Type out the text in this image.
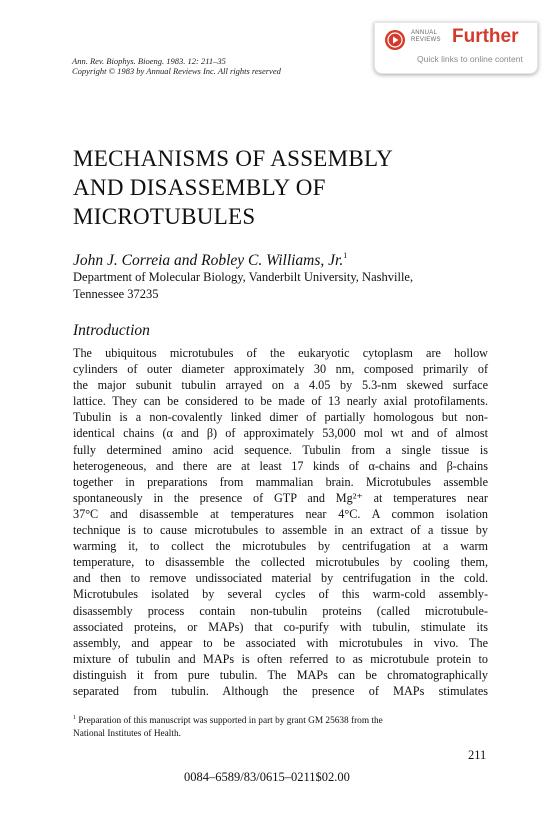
ANNUAL
REVIEWS Further
Quick links to online content
Ann. Rev. Biophys. Bioeng. 1983. 12: 211–35
Copyright © 1983 by Annual Reviews Inc. All rights reserved
MECHANISMS OF ASSEMBLY
AND DISASSEMBLY OF
MICROTUBULES
John J. Correia and Robley C. Williams, Jr.$^1$
Department of Molecular Biology, Vanderbilt University, Nashville,
Tennessee 37235
Introduction
The ubiquitous microtubules of the eukaryotic cytoplasm are hollow
cylinders of outer diameter approximately 30 nm, composed primarily of
the major subunit tubulin arrayed on a 4.05 by 5.3-nm skewed surface
lattice. They can be considered to be made of 13 nearly axial protofilaments.
Tubulin is a non-covalently linked dimer of partially homologous but non-
identical chains (α and β) of approximately 53,000 mol wt and of almost
fully determined amino acid sequence. Tubulin from a single tissue is
heterogeneous, and there are at least 17 kinds of α-chains and β-chains
together in preparations from mammalian brain. Microtubules assemble
spontaneously in the presence of GTP and Mg²⁺ at temperatures near
37°C and disassemble at temperatures near 4°C. A common isolation
technique is to cause microtubules to assemble in an extract of a tissue by
warming it, to collect the microtubules by centrifugation at a warm
temperature, to disassemble the collected microtubules by cooling them,
and then to remove undissociated material by centrifugation in the cold.
Microtubules isolated by several cycles of this warm-cold assembly-
disassembly process contain non-tubulin proteins (called microtubule-
associated proteins, or MAPs) that co-purify with tubulin, stimulate its
assembly, and appear to be associated with microtubules in vivo. The
mixture of tubulin and MAPs is often referred to as microtubule protein to
distinguish it from pure tubulin. The MAPs can be chromatographically
separated from tubulin. Although the presence of MAPs stimulates
$^1$ Preparation of this manuscript was supported in part by grant GM 25638 from the
National Institutes of Health.
211
0084–6589/83/0615–0211$02.00
